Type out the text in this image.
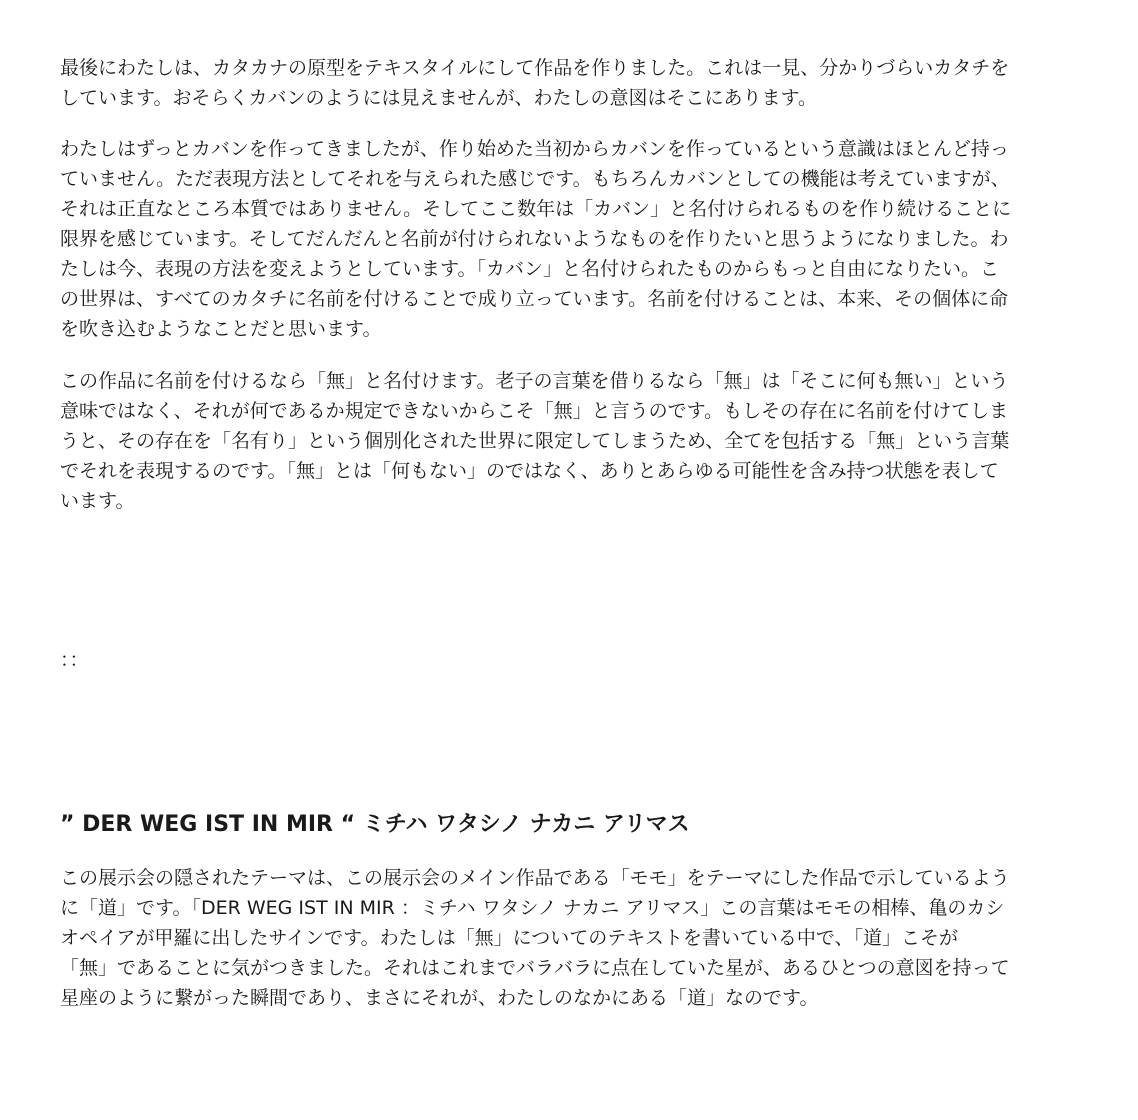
最後にわたしは、カタカナの原型をテキスタイルにして作品を作りました。これは一見、分かりづらいカタチを
しています。おそらくカバンのようには見えませんが、わたしの意図はそこにあります。

わたしはずっとカバンを作ってきましたが、作り始めた当初からカバンを作っているという意識はほとんど持っ
ていません。ただ表現方法としてそれを与えられた感じです。もちろんカバンとしての機能は考えていますが、
それは正直なところ本質ではありません。そしてここ数年は「カバン」と名付けられるものを作り続けることに
限界を感じています。そしてだんだんと名前が付けられないようなものを作りたいと思うようになりました。わ
たしは今、表現の方法を変えようとしています。「カバン」と名付けられたものからもっと自由になりたい。こ
の世界は、すべてのカタチに名前を付けることで成り立っています。名前を付けることは、本来、その個体に命
を吹き込むようなことだと思います。

この作品に名前を付けるなら「無」と名付けます。老子の言葉を借りるなら「無」は「そこに何も無い」という
意味ではなく、それが何であるか規定できないからこそ「無」と言うのです。もしその存在に名前を付けてしま
うと、その存在を「名有り」という個別化された世界に限定してしまうため、全てを包括する「無」という言葉
でそれを表現するのです。「無」とは「何もない」のではなく、ありとあらゆる可能性を含み持つ状態を表して
います。

：：

” DER WEG IST IN MIR “ ミチハ ワタシノ ナカニ アリマス

この展示会の隠されたテーマは、この展示会のメイン作品である「モモ」をテーマにした作品で示しているよう
に「道」です。「DER WEG IST IN MIR ：ミチハ ワタシノ ナカニ アリマス」この言葉はモモの相棒、亀のカシ
オペイアが甲羅に出したサインです。わたしは「無」についてのテキストを書いている中で、「道」こそが
「無」であることに気がつきました。それはこれまでバラバラに点在していた星が、あるひとつの意図を持って
星座のように繋がった瞬間であり、まさにそれが、わたしのなかにある「道」なのです。
